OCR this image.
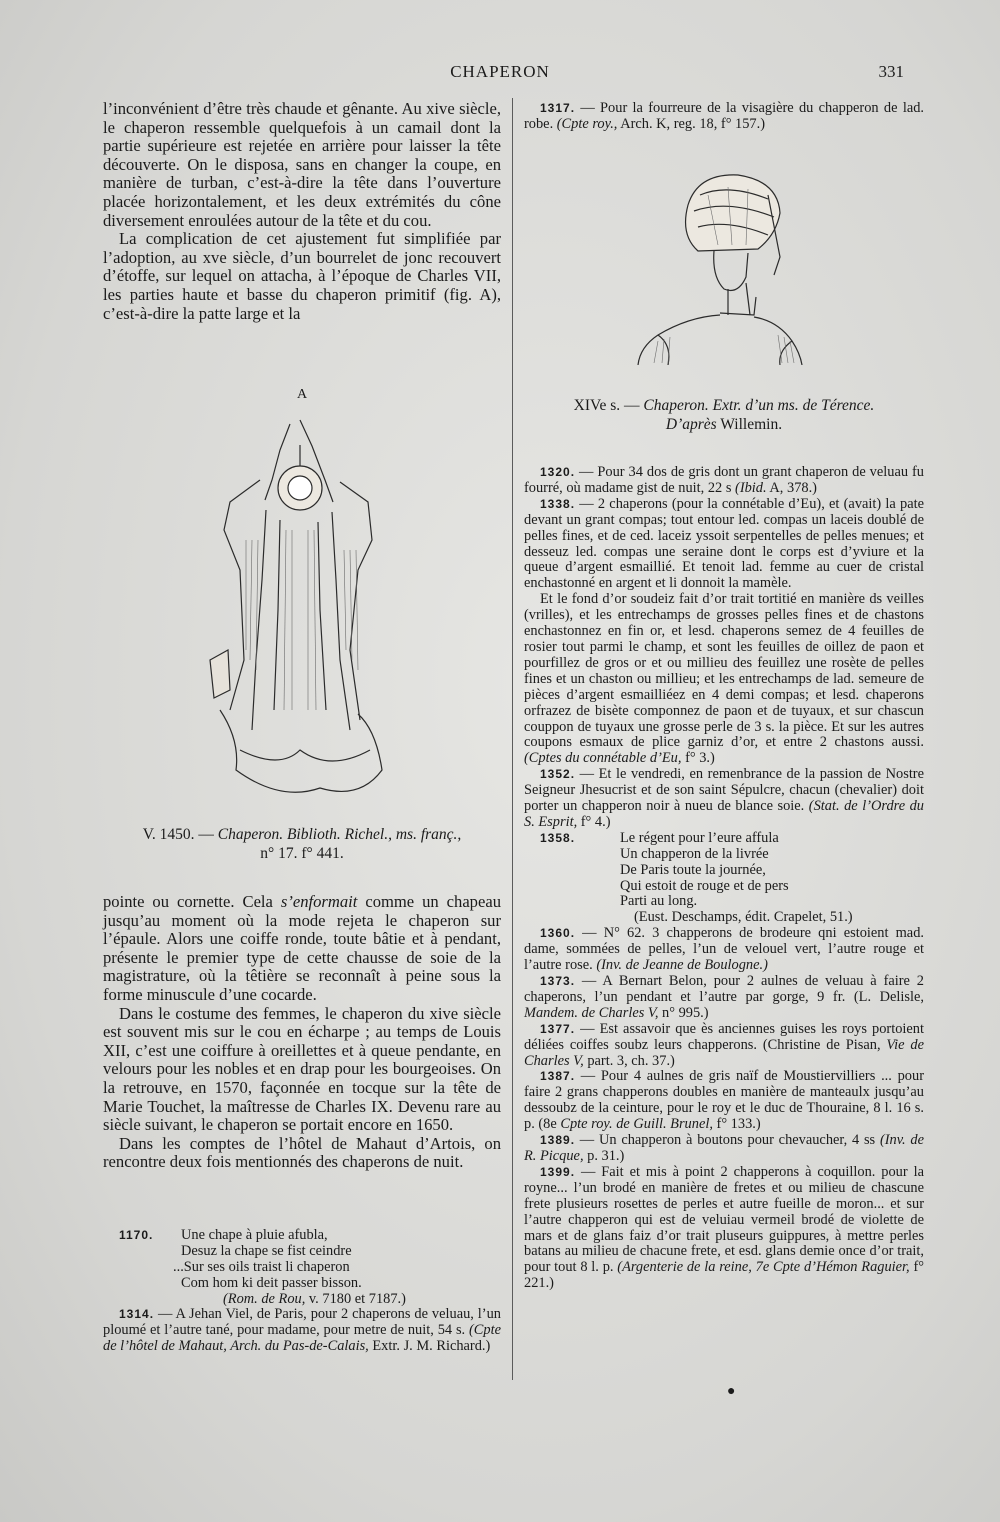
CHAPERON	331

l’inconvénient d’être très chaude et gênante. Au xive siècle, le chaperon ressemble quelquefois à un camail dont la partie supérieure est rejetée en arrière pour laisser la tête découverte. On le disposa, sans en changer la coupe, en manière de turban, c’est-à-dire la tête dans l’ouverture placée horizontalement, et les deux extrémités du cône diversement enroulées autour de la tête et du cou.

La complication de cet ajustement fut simplifiée par l’adoption, au xve siècle, d’un bourrelet de jonc recouvert d’étoffe, sur lequel on attacha, à l’époque de Charles VII, les parties haute et basse du chaperon primitif (fig. A), c’est-à-dire la patte large et la

A

V. 1450. — Chaperon. Biblioth. Richel., ms. franç.,

n° 17. f° 441.

pointe ou cornette. Cela s’enformait comme un chapeau jusqu’au moment où la mode rejeta le chaperon sur l’épaule. Alors une coiffe ronde, toute bâtie et à pendant, présente le premier type de cette chausse de soie de la magistrature, où la têtière se reconnaît à peine sous la forme minuscule d’une cocarde.

Dans le costume des femmes, le chaperon du xive siècle est souvent mis sur le cou en écharpe ; au temps de Louis XII, c’est une coiffure à oreillettes et à queue pendante, en velours pour les nobles et en drap pour les bourgeoises. On la retrouve, en 1570, façonnée en tocque sur la tête de Marie Touchet, la maîtresse de Charles IX. Devenu rare au siècle suivant, le chaperon se portait encore en 1650.

Dans les comptes de l’hôtel de Mahaut d’Artois, on rencontre deux fois mentionnés des chaperons de nuit.

1170.	Une chape à pluie afubla,
Desuz la chape se fist ceindre
...Sur ses oils traist li chaperon
Com hom ki deit passer bisson.
(Rom. de Rou, v. 7180 et 7187.)

1314. — A Jehan Viel, de Paris, pour 2 chaperons de veluau, l’un ploumé et l’autre tané, pour madame, pour metre de nuit, 54 s. (Cpte de l’hôtel de Mahaut, Arch. du Pas-de-Calais, Extr. J. M. Richard.)

1317. — Pour la fourreure de la visagière du chapperon de lad. robe. (Cpte roy., Arch. K, reg. 18, f° 157.)

XIVe s. — Chaperon. Extr. d’un ms. de Térence.

D’après Willemin.

1320. — Pour 34 dos de gris dont un grant chaperon de veluau fu fourré, où madame gist de nuit, 22 s (Ibid. A, 378.)

1338. — 2 chaperons (pour la connétable d’Eu), et (avait) la pate devant un grant compas; tout entour led. compas un laceis doublé de pelles fines, et de ced. laceiz yssoit serpentelles de pelles menues; et desseuz led. compas une seraine dont le corps est d’yviure et la queue d’argent esmaillié. Et tenoit lad. femme au cuer de cristal enchastonné en argent et li donnoit la mamèle.

Et le fond d’or soudeiz fait d’or trait tortitié en manière ds veilles (vrilles), et les entrechamps de grosses pelles fines et de chastons enchastonnez en fin or, et lesd. chaperons semez de 4 feuilles de rosier tout parmi le champ, et sont les feuilles de oillez de paon et pourfillez de gros or et ou millieu des feuillez une rosète de pelles fines et un chaston ou millieu; et les entrechamps de lad. semeure de pièces d’argent esmailliéez en 4 demi compas; et lesd. chaperons orfrazez de bisète componnez de paon et de tuyaux, et sur chascun couppon de tuyaux une grosse perle de 3 s. la pièce. Et sur les autres coupons esmaux de plice garniz d’or, et entre 2 chastons aussi. (Cptes du connétable d’Eu, f° 3.)

1352. — Et le vendredi, en remenbrance de la passion de Nostre Seigneur Jhesucrist et de son saint Sépulcre, chacun (chevalier) doit porter un chapperon noir à nueu de blance soie. (Stat. de l’Ordre du S. Esprit, f° 4.)

1358.	Le régent pour l’eure affula
Un chapperon de la livrée
De Paris toute la journée,
Qui estoit de rouge et de pers
Parti au long.
(Eust. Deschamps, édit. Crapelet, 51.)

1360. — N° 62. 3 chapperons de brodeure qni estoient mad. dame, sommées de pelles, l’un de velouel vert, l’autre rouge et l’autre rose. (Inv. de Jeanne de Boulogne.)

1373. — A Bernart Belon, pour 2 aulnes de veluau à faire 2 chaperons, l’un pendant et l’autre par gorge, 9 fr. (L. Delisle, Mandem. de Charles V, n° 995.)

1377. — Est assavoir que ès anciennes guises les roys portoient déliées coiffes soubz leurs chapperons. (Christine de Pisan, Vie de Charles V, part. 3, ch. 37.)

1387. — Pour 4 aulnes de gris naïf de Moustiervilliers ... pour faire 2 grans chapperons doubles en manière de manteaulx jusqu’au dessoubz de la ceinture, pour le roy et le duc de Thouraine, 8 l. 16 s. p. (8e Cpte roy. de Guill. Brunel, f° 133.)

1389. — Un chapperon à boutons pour chevaucher, 4 ss (Inv. de R. Picque, p. 31.)

1399. — Fait et mis à point 2 chapperons à coquillon. pour la royne... l’un brodé en manière de fretes et ou milieu de chascune frete plusieurs rosettes de perles et autre fueille de moron... et sur l’autre chapperon qui est de veluiau vermeil brodé de violette de mars et de glans faiz d’or trait pluseurs guippures, à mettre perles batans au milieu de chacune frete, et esd. glans demie once d’or trait, pour tout 8 l. p. (Argenterie de la reine, 7e Cpte d’Hémon Raguier, f° 221.)

●
